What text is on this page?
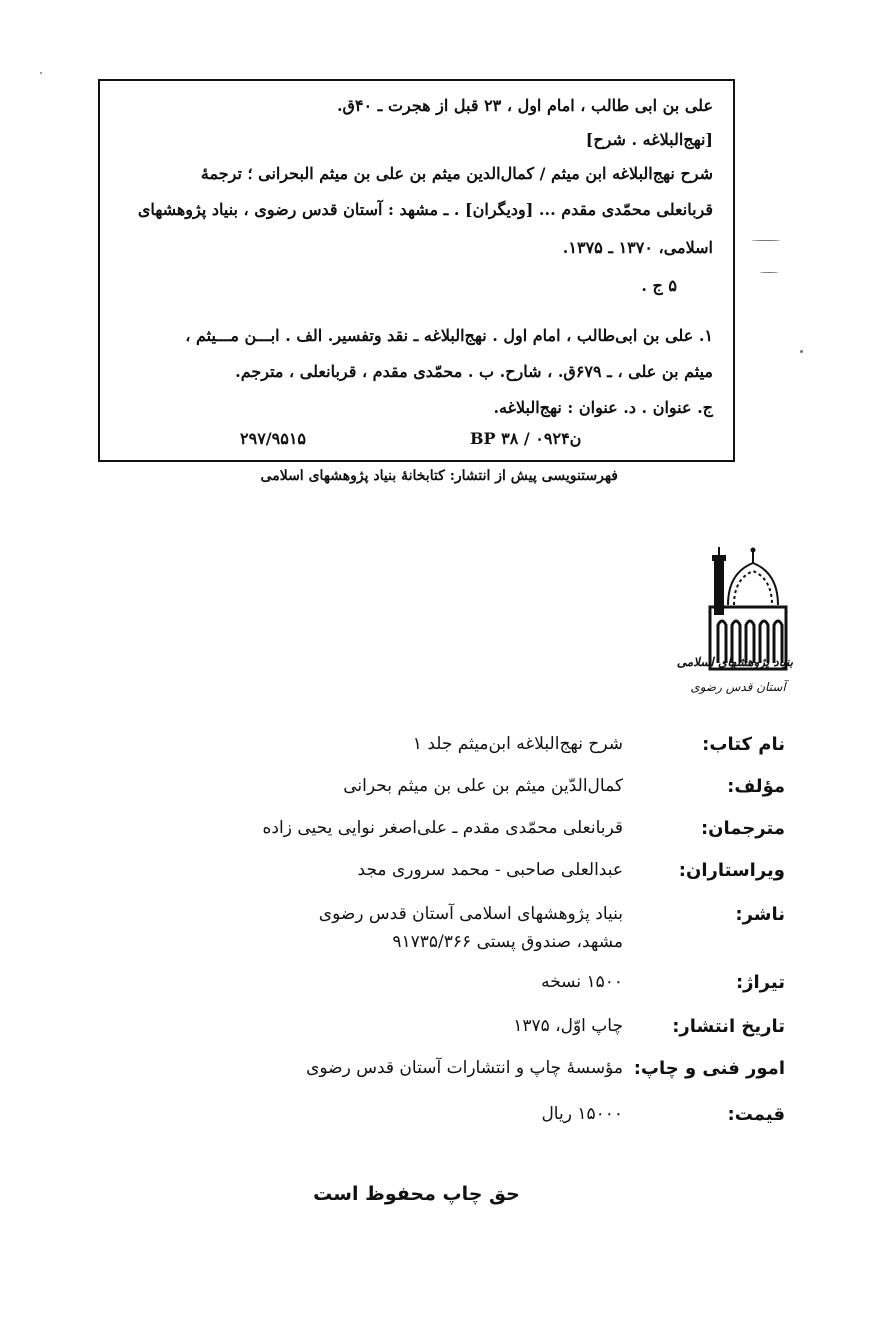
علی بن ابی طالب ، امام اول ، ۲۳ قبل از هجرت ـ ۴۰ق.
[نهج‌البلاغه . شرح]
شرح نهج‌البلاغه ابن میثم / کمال‌الدین میثم بن علی بن میثم البحرانی ؛ ترجمهٔ
قربانعلی محمّدی مقدم ... [ودیگران] . ـ مشهد : آستان قدس رضوی ، بنیاد پژوهشهای
اسلامی، ۱۳۷۰ ـ ۱۳۷۵.
۵ ج .
۱. علی بن ابی‌طالب ، امام اول . نهج‌البلاغه ـ نقد وتفسیر. الف . ابـــن مـــیثم ،
میثم بن علی ، ـ ۶۷۹ق. ، شارح. ب . محمّدی مقدم ، قربانعلی ، مترجم.
ج. عنوان . د. عنوان : نهج‌البلاغه.
BP ۳۸ / ۰۹۲۴ن
۲۹۷/۹۵۱۵
فهرستنویسی پیش از انتشار: کتابخانهٔ بنیاد پژوهشهای اسلامی
بنیاد پژوهشهای اسلامی
آستان قدس رضوی
نام کتاب:
شرح نهج‌البلاغه ابن‌میثم جلد ۱
مؤلف:
کمال‌الدّین میثم بن علی بن میثم بحرانی
مترجمان:
قربانعلی محمّدی مقدم ـ علی‌اصغر نوایی یحیی زاده
ویراستاران:
عبدالعلی صاحبی - محمد سروری مجد
ناشر:
بنیاد پژوهشهای اسلامی آستان قدس رضوی
مشهد، صندوق پستی ۹۱۷۳۵/۳۶۶
تیراژ:
۱۵۰۰ نسخه
تاریخ انتشار:
چاپ اوّل، ۱۳۷۵
امور فنی و چاپ:
مؤسسهٔ چاپ و انتشارات آستان قدس رضوی
قیمت:
۱۵۰۰۰ ریال
حق چاپ محفوظ است
